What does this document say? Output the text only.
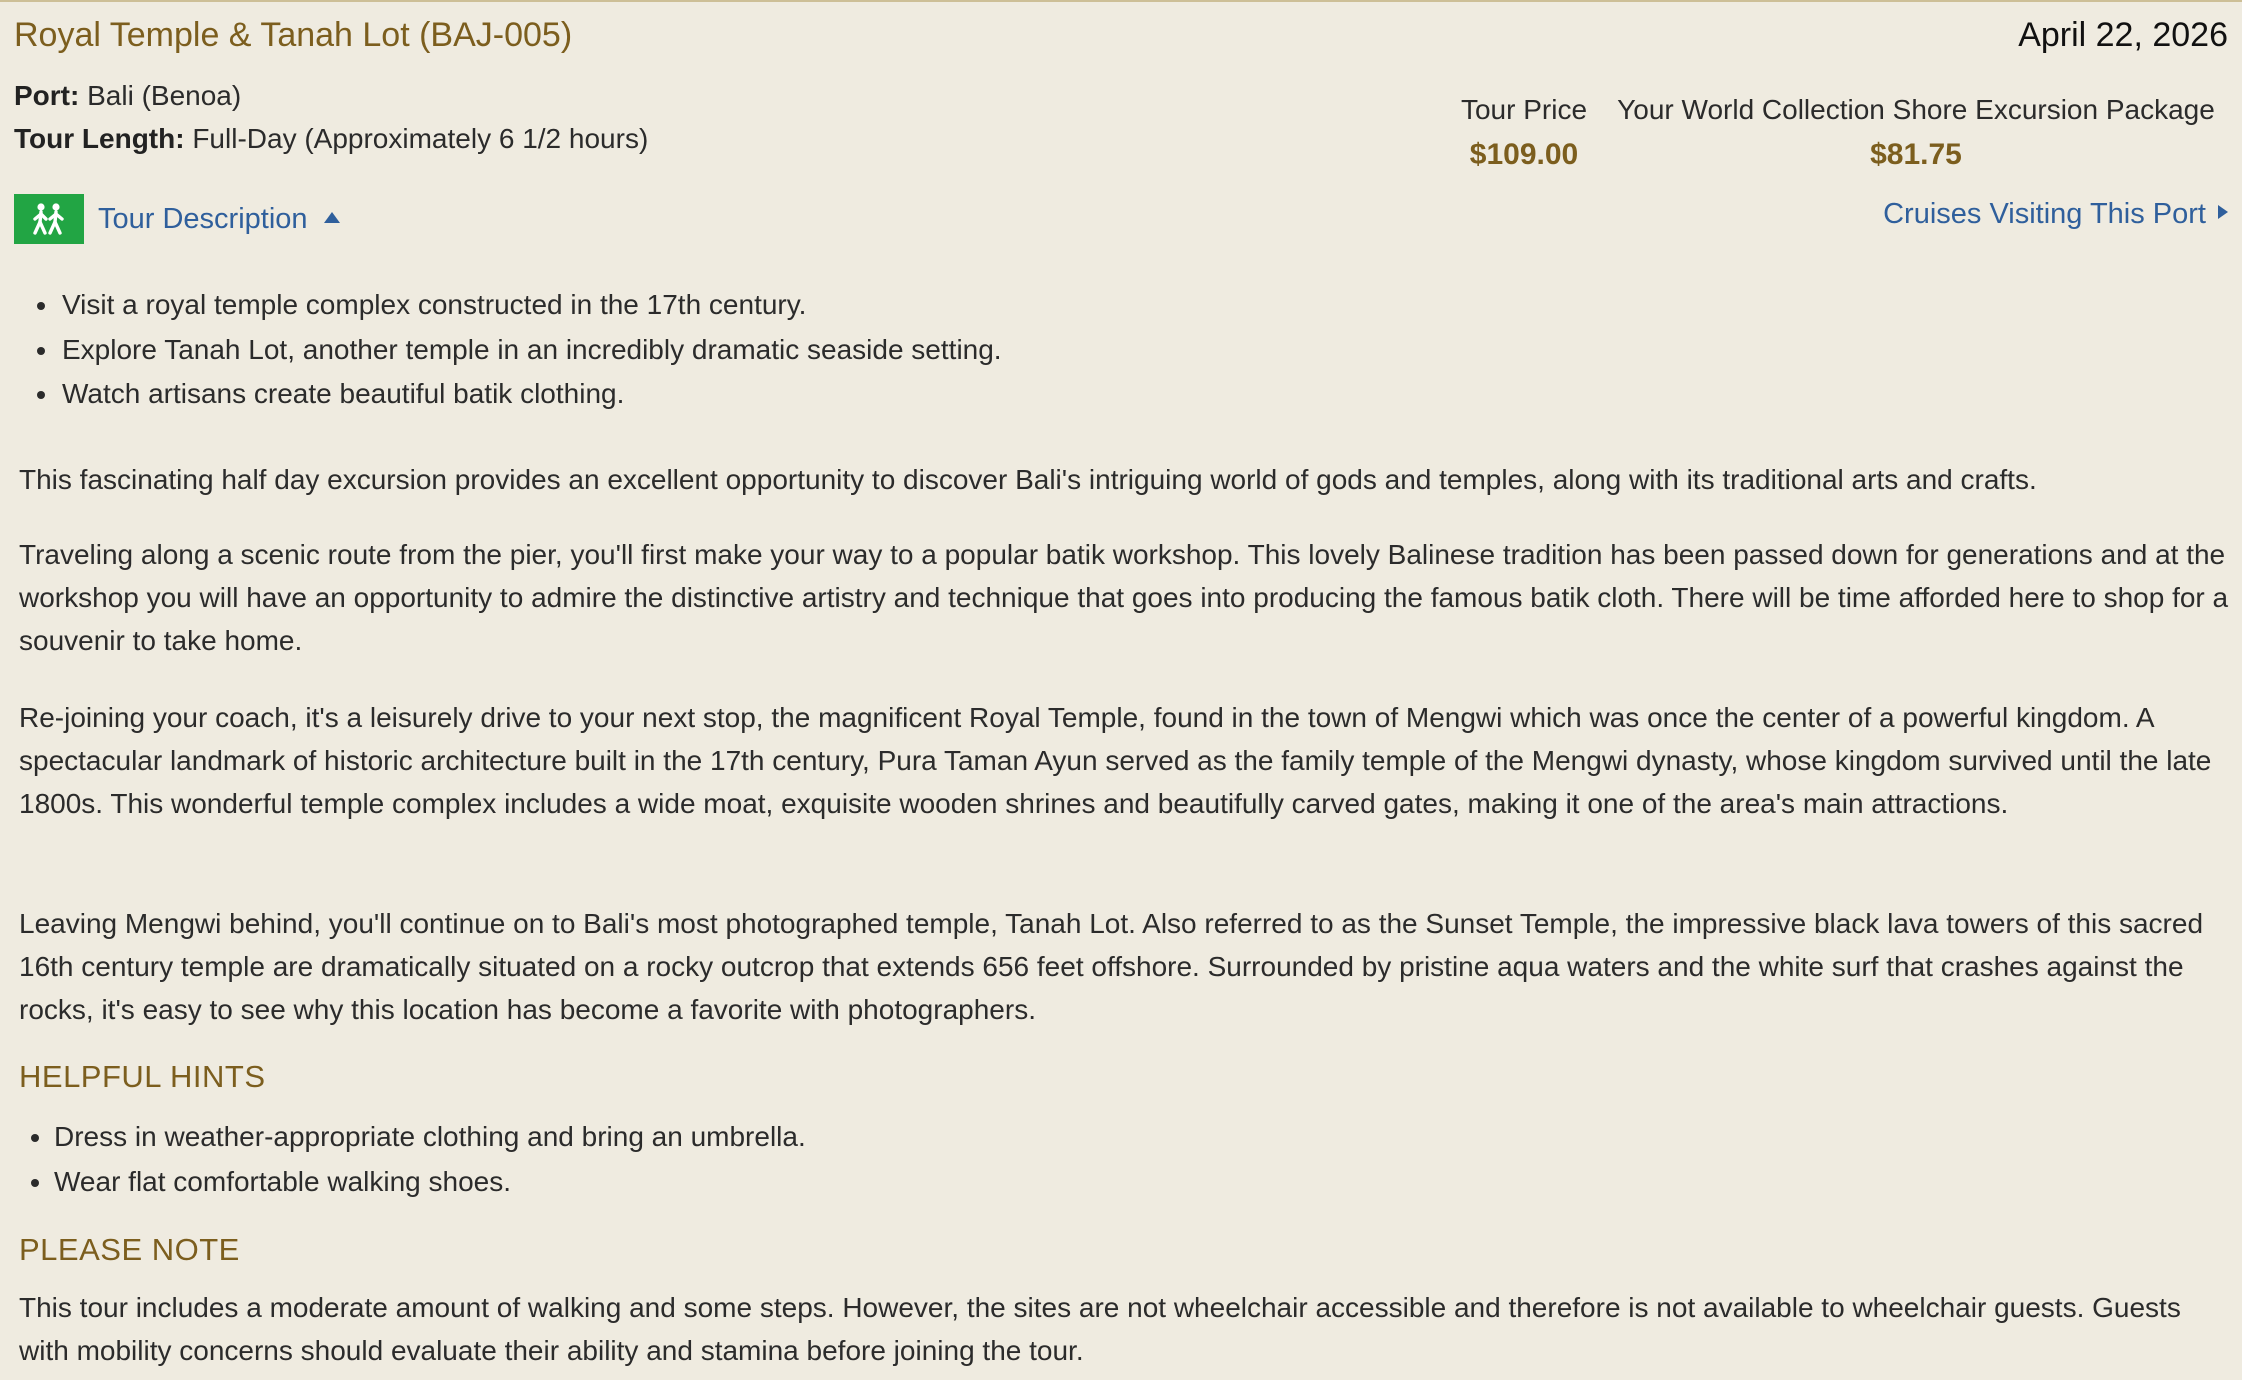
Royal Temple & Tanah Lot (BAJ-005)	April 22, 2026
Port: Bali (Benoa)
Tour Length: Full-Day (Approximately 6 1/2 hours)
Tour Price
$109.00
Your World Collection Shore Excursion Package
$81.75
Tour Description	Cruises Visiting This Port
• Visit a royal temple complex constructed in the 17th century.
• Explore Tanah Lot, another temple in an incredibly dramatic seaside setting.
• Watch artisans create beautiful batik clothing.

This fascinating half day excursion provides an excellent opportunity to discover Bali's intriguing world of gods and temples, along with its traditional arts and crafts.

Traveling along a scenic route from the pier, you'll first make your way to a popular batik workshop. This lovely Balinese tradition has been passed down for generations and at the workshop you will have an opportunity to admire the distinctive artistry and technique that goes into producing the famous batik cloth. There will be time afforded here to shop for a souvenir to take home.

Re-joining your coach, it's a leisurely drive to your next stop, the magnificent Royal Temple, found in the town of Mengwi which was once the center of a powerful kingdom. A spectacular landmark of historic architecture built in the 17th century, Pura Taman Ayun served as the family temple of the Mengwi dynasty, whose kingdom survived until the late 1800s. This wonderful temple complex includes a wide moat, exquisite wooden shrines and beautifully carved gates, making it one of the area's main attractions.

Leaving Mengwi behind, you'll continue on to Bali's most photographed temple, Tanah Lot. Also referred to as the Sunset Temple, the impressive black lava towers of this sacred 16th century temple are dramatically situated on a rocky outcrop that extends 656 feet offshore. Surrounded by pristine aqua waters and the white surf that crashes against the rocks, it's easy to see why this location has become a favorite with photographers.

HELPFUL HINTS
• Dress in weather-appropriate clothing and bring an umbrella.
• Wear flat comfortable walking shoes.
PLEASE NOTE

This tour includes a moderate amount of walking and some steps. However, the sites are not wheelchair accessible and therefore is not available to wheelchair guests. Guests with mobility concerns should evaluate their ability and stamina before joining the tour.
